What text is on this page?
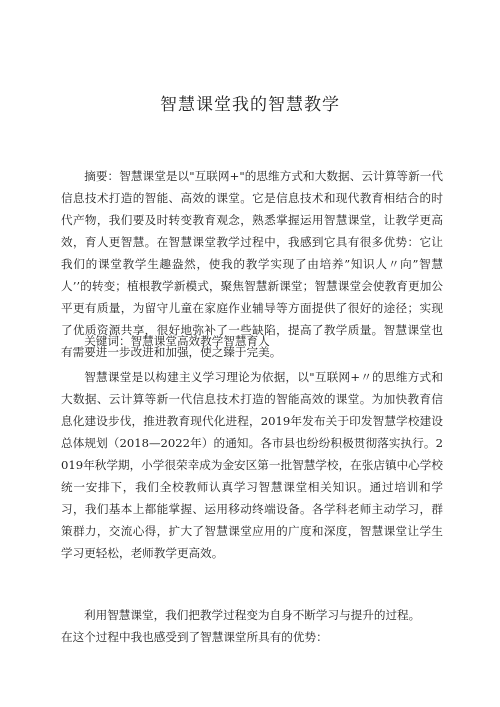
智慧课堂我的智慧教学

摘要：智慧课堂是以"互联网+"的思维方式和大数据、云计算等新一代信息技术打造的智能、高效的课堂。它是信息技术和现代教育相结合的时代产物，我们要及时转变教育观念，熟悉掌握运用智慧课堂，让教学更高效，育人更智慧。在智慧课堂教学过程中，我感到它具有很多优势：它让我们的课堂教学生趣盎然，使我的教学实现了由培养”知识人〃向”智慧人’’的转变；植根教学新模式，聚焦智慧新课堂；智慧课堂会使教育更加公平更有质量，为留守儿童在家庭作业辅导等方面提供了很好的途径；实现了优质资源共享，很好地弥补了一些缺陷，提高了教学质量。智慧课堂也有需要进一步改进和加强，使之臻于完美。

关键词：智慧课堂高效教学智慧育人

智慧课堂是以构建主义学习理论为依据，以"互联网+〃的思维方式和大数据、云计算等新一代信息技术打造的智能高效的课堂。为加快教育信息化建设步伐，推进教育现代化进程，2019年发布关于印发智慧学校建设总体规划（2018—2022年）的通知。各市县也纷纷积极贯彻落实执行。2019年秋学期，小学很荣幸成为金安区第一批智慧学校，在张店镇中心学校统一安排下，我们全校教师认真学习智慧课堂相关知识。通过培训和学习，我们基本上都能掌握、运用移动终端设备。各学科老师主动学习，群策群力，交流心得，扩大了智慧课堂应用的广度和深度，智慧课堂让学生学习更轻松，老师教学更高效。

利用智慧课堂，我们把教学过程变为自身不断学习与提升的过程。
在这个过程中我也感受到了智慧课堂所具有的优势：
